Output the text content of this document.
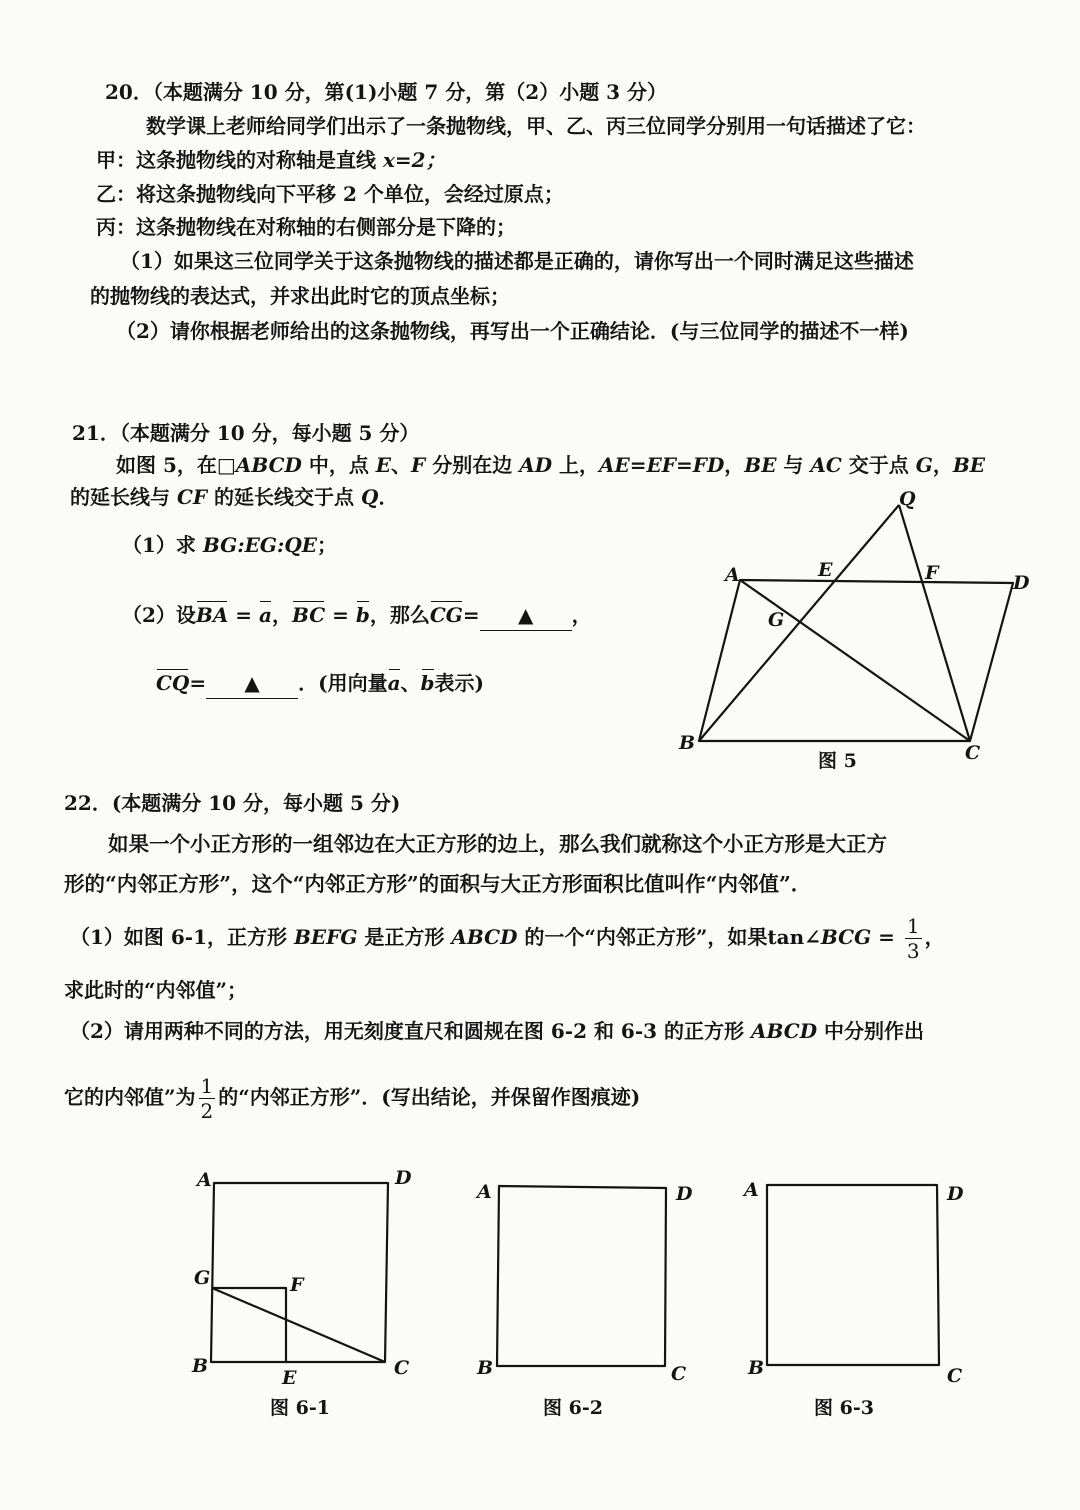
20．（本题满分 10 分，第(1)小题 7 分，第（2）小题 3 分）
数学课上老师给同学们出示了一条抛物线，甲、乙、丙三位同学分别用一句话描述了它：
甲：这条抛物线的对称轴是直线 x=2；
乙：将这条抛物线向下平移 2 个单位，会经过原点；
丙：这条抛物线在对称轴的右侧部分是下降的；
（1）如果这三位同学关于这条抛物线的描述都是正确的，请你写出一个同时满足这些描述
的抛物线的表达式，并求出此时它的顶点坐标；
（2）请你根据老师给出的这条抛物线，再写出一个正确结论．(与三位同学的描述不一样)
21．（本题满分 10 分，每小题 5 分）
如图 5，在□ABCD 中，点 E、F 分别在边 AD 上，AE=EF=FD，BE 与 AC 交于点 G，BE
的延长线与 CF 的延长线交于点 Q．
（1）求 BG:EG:QE；
（2）设BA = a，BC = b，那么CG= ▲ ，
CQ= ▲ ．(用向量a、b表示)
Q
A	E	F	D
G
B	C
图 5
22．(本题满分 10 分，每小题 5 分)
如果一个小正方形的一组邻边在大正方形的边上，那么我们就称这个小正方形是大正方
形的“内邻正方形”，这个“内邻正方形”的面积与大正方形面积比值叫作“内邻值”．
（1）如图 6-1，正方形 BEFG 是正方形 ABCD 的一个“内邻正方形”，如果tan∠BCG = $\frac{1}{3}$ ，
求此时的“内邻值”；
（2）请用两种不同的方法，用无刻度直尺和圆规在图 6-2 和 6-3 的正方形 ABCD 中分别作出
它的内邻值”为 $\frac{1}{2}$ 的“内邻正方形”．(写出结论，并保留作图痕迹)
A	D
G	F
B
E	C
图 6-1
A	D
B	C
图 6-2
A	D
B	C
图 6-3
